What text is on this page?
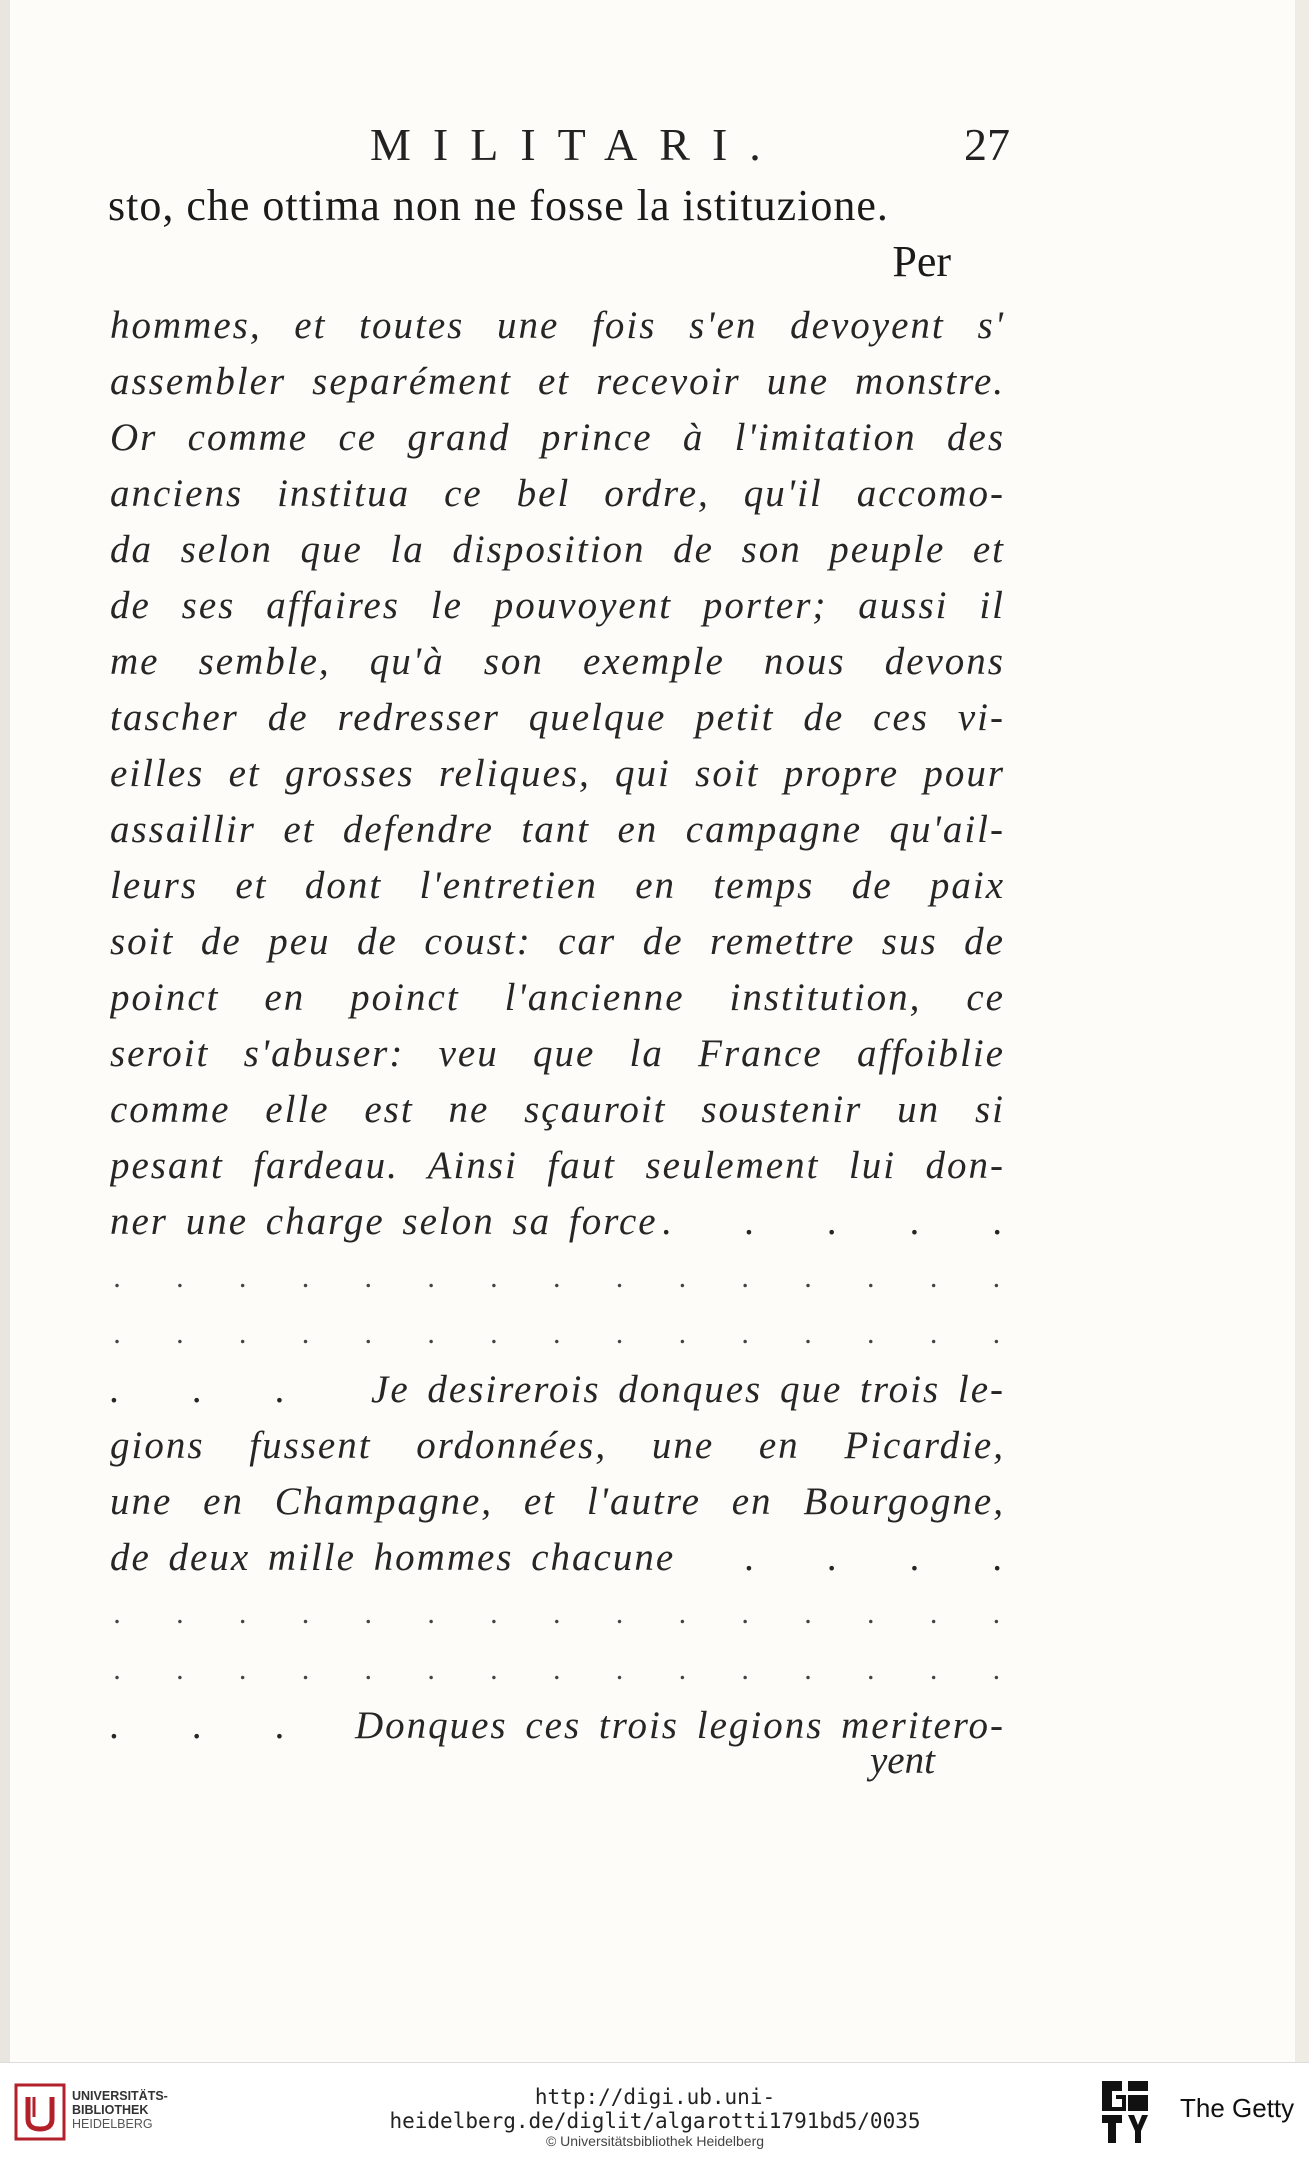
MILITARI.	27
sto, che ottima non ne fosse la istituzione.
Per
hommes, et toutes une fois s'en devoyent s'
assembler separément et recevoir une monstre.
Or comme ce grand prince à l'imitation des
anciens institua ce bel ordre, qu'il accomo-
da selon que la disposition de son peuple et
de ses affaires le pouvoyent porter; aussi il
me semble, qu'à son exemple nous devons
tascher de redresser quelque petit de ces vi-
eilles et grosses reliques, qui soit propre pour
assaillir et defendre tant en campagne qu'ail-
leurs et dont l'entretien en temps de paix
soit de peu de coust: car de remettre sus de
poinct en poinct l'ancienne institution, ce
seroit s'abuser: veu que la France affoiblie
comme elle est ne sçauroit soustenir un si
pesant fardeau. Ainsi faut seulement lui don-
ner une charge selon sa force .    .    .    .    .
. . . . . . . . . . . . . . .
. . . . . . . . . . . . . . .
.    .    . Je desirerois donques que trois le-
gions fussent ordonnées, une en Picardie,
une en Champagne, et l'autre en Bourgogne,
de deux mille hommes chacune .    .    .    .
. . . . . . . . . . . . . . .
. . . . . . . . . . . . . . .
.    .    . Donques ces trois legions meritero-
yent
UNIVERSITÄTS-
BIBLIOTHEK
HEIDELBERG
http://digi.ub.uni-heidelberg.de/diglit/algarotti1791bd5/0035
© Universitätsbibliothek Heidelberg
The Getty
